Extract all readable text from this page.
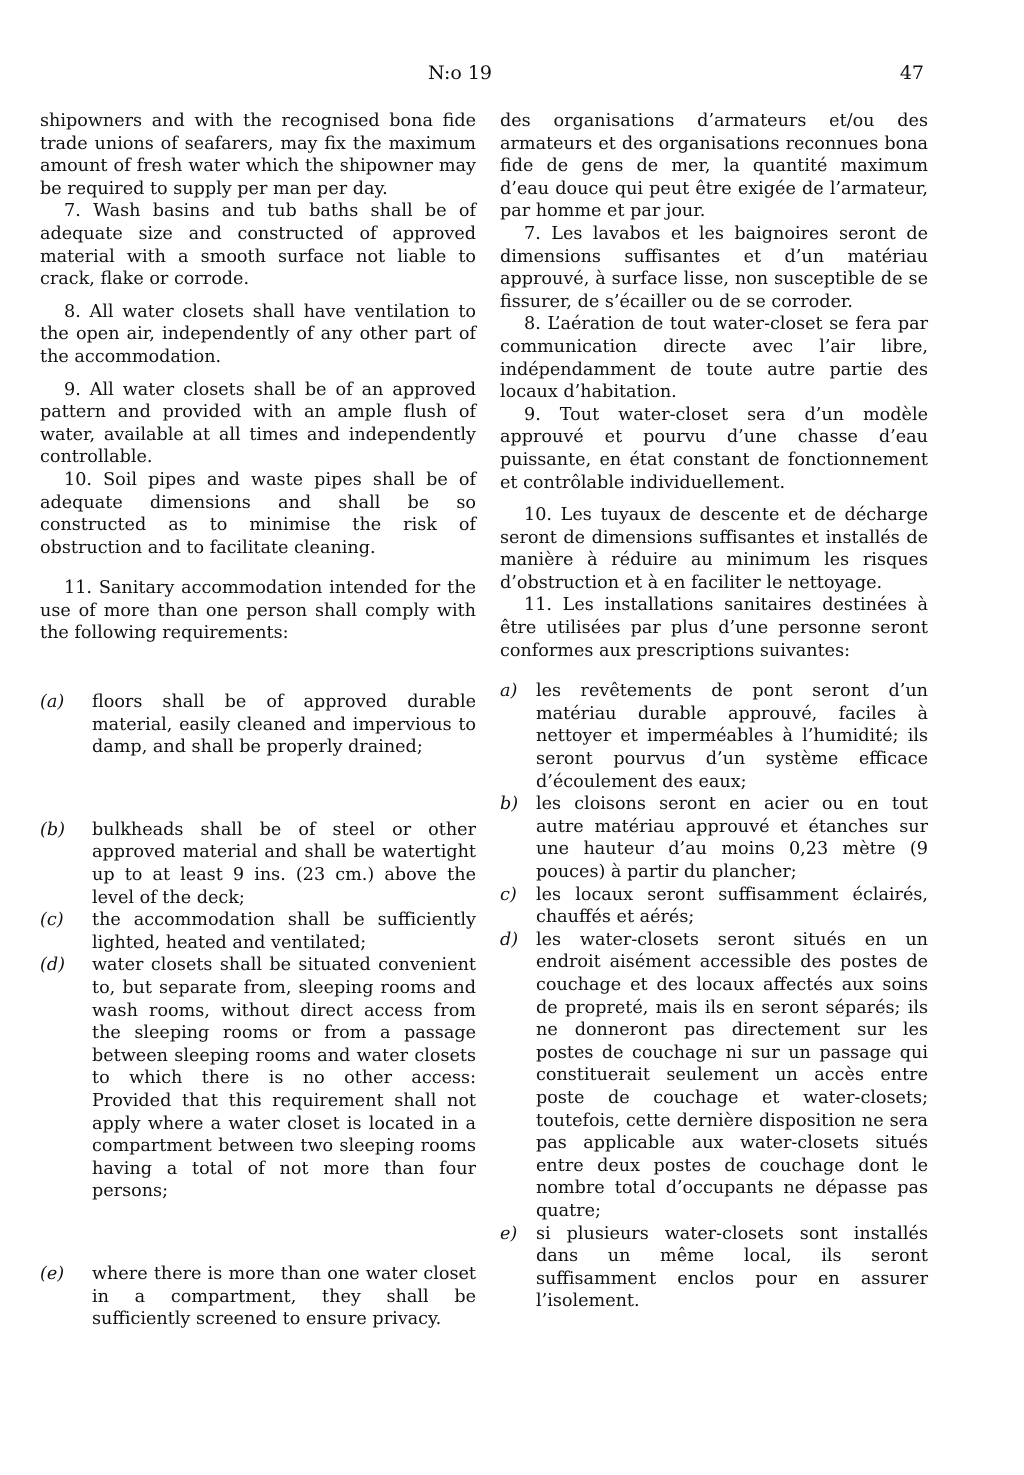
N:o 19	47

shipowners and with the recognised bona fide trade unions of seafarers, may fix the maximum amount of fresh water which the shipowner may be required to supply per man per day.

7. Wash basins and tub baths shall be of adequate size and constructed of approved material with a smooth surface not liable to crack, flake or corrode.

8. All water closets shall have ventilation to the open air, independently of any other part of the accommodation.

9. All water closets shall be of an approved pattern and provided with an ample flush of water, available at all times and independently controllable.

10. Soil pipes and waste pipes shall be of adequate dimensions and shall be so constructed as to minimise the risk of obstruction and to facilitate cleaning.

11. Sanitary accommodation intended for the use of more than one person shall comply with the following requirements:

(a)	floors shall be of approved durable material, easily cleaned and impervious to damp, and shall be properly drained;
(b)	bulkheads shall be of steel or other approved material and shall be watertight up to at least 9 ins. (23 cm.) above the level of the deck;
(c)	the accommodation shall be sufficiently lighted, heated and ventilated;
(d)	water closets shall be situated convenient to, but separate from, sleeping rooms and wash rooms, without direct access from the sleeping rooms or from a passage between sleeping rooms and water closets to which there is no other access: Provided that this requirement shall not apply where a water closet is located in a compartment between two sleeping rooms having a total of not more than four persons;
(e)	where there is more than one water closet in a compartment, they shall be sufficiently screened to ensure privacy.

des organisations d’armateurs et/ou des armateurs et des organisations reconnues bona fide de gens de mer, la quantité maximum d’eau douce qui peut être exigée de l’armateur, par homme et par jour.

7. Les lavabos et les baignoires seront de dimensions suffisantes et d’un matériau approuvé, à surface lisse, non susceptible de se fissurer, de s’écailler ou de se corroder.

8. L’aération de tout water-closet se fera par communication directe avec l’air libre, indépendamment de toute autre partie des locaux d’habitation.

9. Tout water-closet sera d’un modèle approuvé et pourvu d’une chasse d’eau puissante, en état constant de fonctionnement et contrôlable individuellement.

10. Les tuyaux de descente et de décharge seront de dimensions suffisantes et installés de manière à réduire au minimum les risques d’obstruction et à en faciliter le nettoyage.

11. Les installations sanitaires destinées à être utilisées par plus d’une personne seront conformes aux prescriptions suivantes:

a)	les revêtements de pont seront d’un matériau durable approuvé, faciles à nettoyer et imperméables à l’humidité; ils seront pourvus d’un système efficace d’écoulement des eaux;
b)	les cloisons seront en acier ou en tout autre matériau approuvé et étanches sur une hauteur d’au moins 0,23 mètre (9 pouces) à partir du plancher;
c)	les locaux seront suffisamment éclairés, chauffés et aérés;
d)	les water-closets seront situés en un endroit aisément accessible des postes de couchage et des locaux affectés aux soins de propreté, mais ils en seront séparés; ils ne donneront pas directement sur les postes de couchage ni sur un passage qui constituerait seulement un accès entre poste de couchage et water-closets; toutefois, cette dernière disposition ne sera pas applicable aux water-closets situés entre deux postes de couchage dont le nombre total d’occupants ne dépasse pas quatre;
e)	si plusieurs water-closets sont installés dans un même local, ils seront suffisamment enclos pour en assurer l’isolement.
